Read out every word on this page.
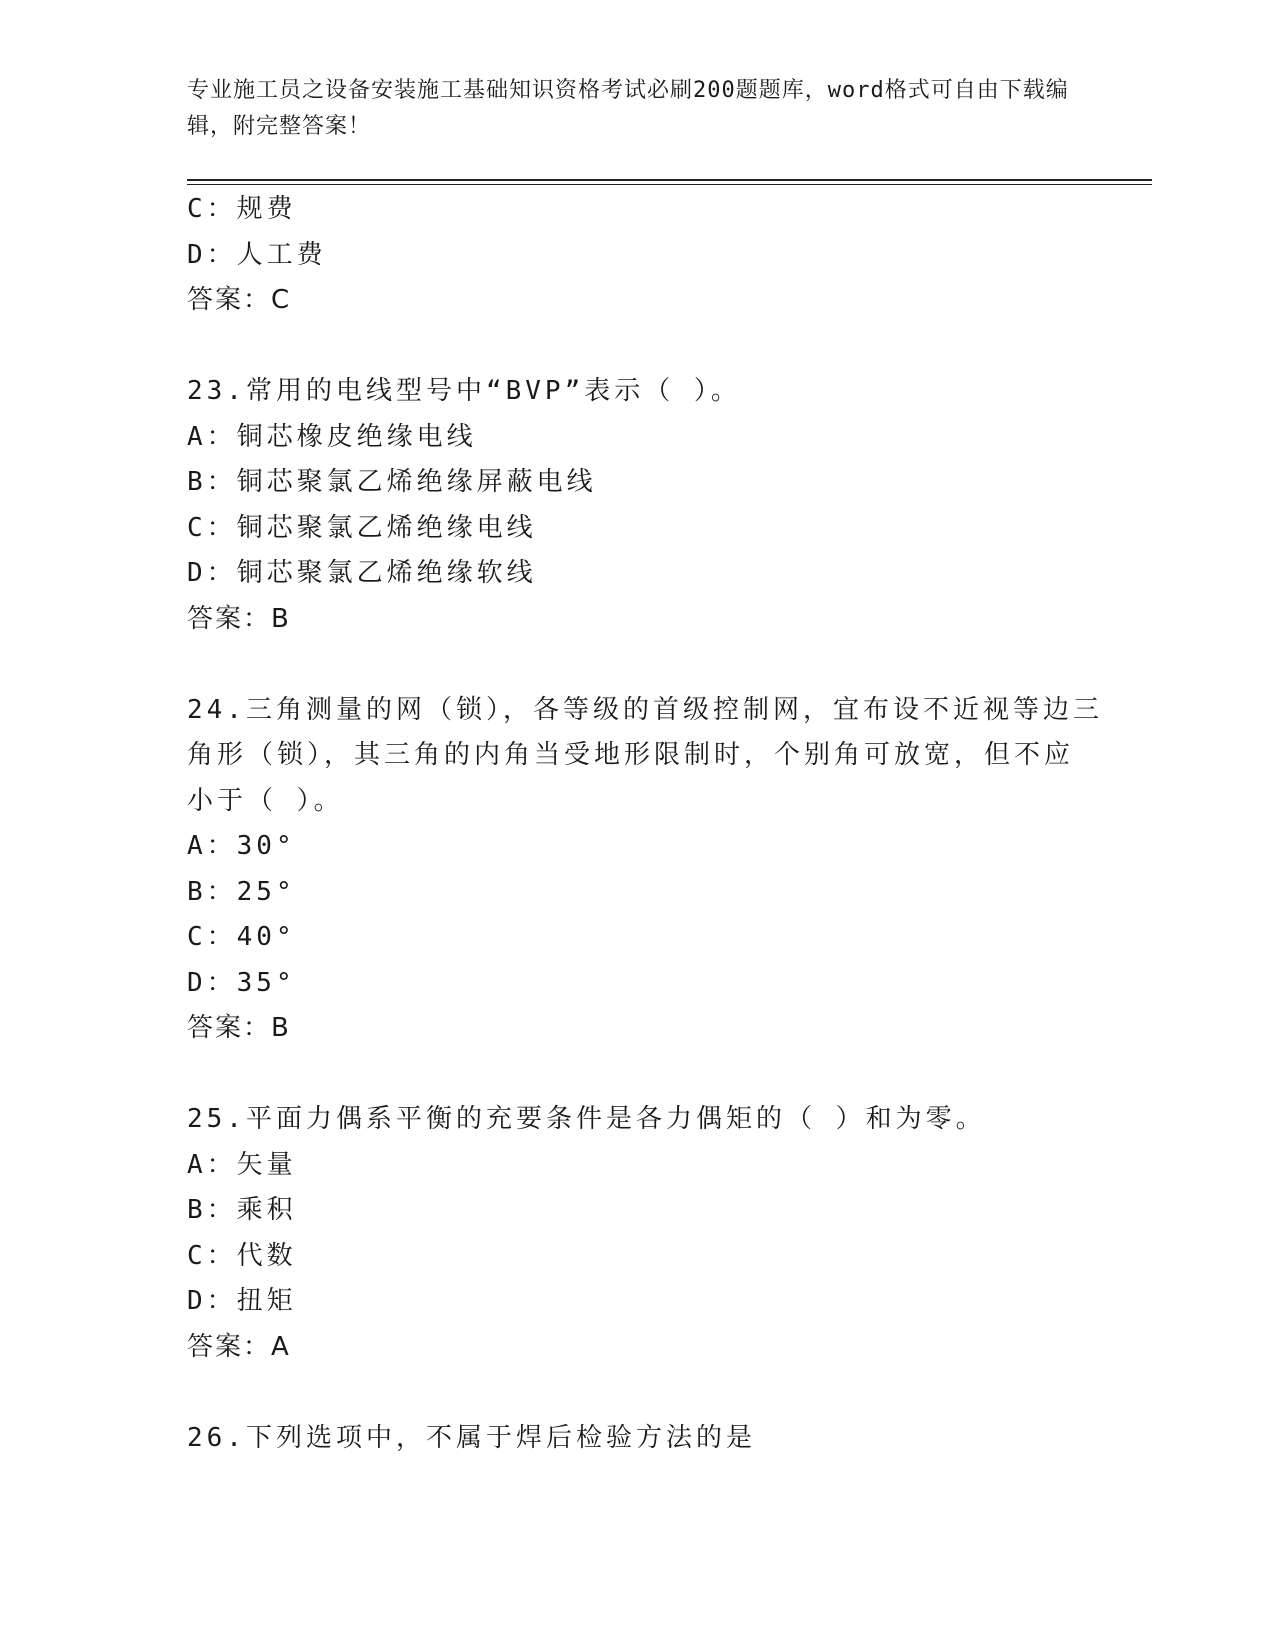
专业施工员之设备安装施工基础知识资格考试必刷200题题库，word格式可自由下载编辑，附完整答案！
C：规费
D：人工费
答案：C
23.常用的电线型号中“BVP”表示（ ）。
A：铜芯橡皮绝缘电线
B：铜芯聚氯乙烯绝缘屏蔽电线
C：铜芯聚氯乙烯绝缘电线
D：铜芯聚氯乙烯绝缘软线
答案：B
24.三角测量的网（锁），各等级的首级控制网，宜布设不近视等边三
角形（锁），其三角的内角当受地形限制时，个别角可放宽，但不应
小于（ ）。
A：30°
B：25°
C：40°
D：35°
答案：B
25.平面力偶系平衡的充要条件是各力偶矩的（ ）和为零。
A：矢量
B：乘积
C：代数
D：扭矩
答案：A
26.下列选项中，不属于焊后检验方法的是
